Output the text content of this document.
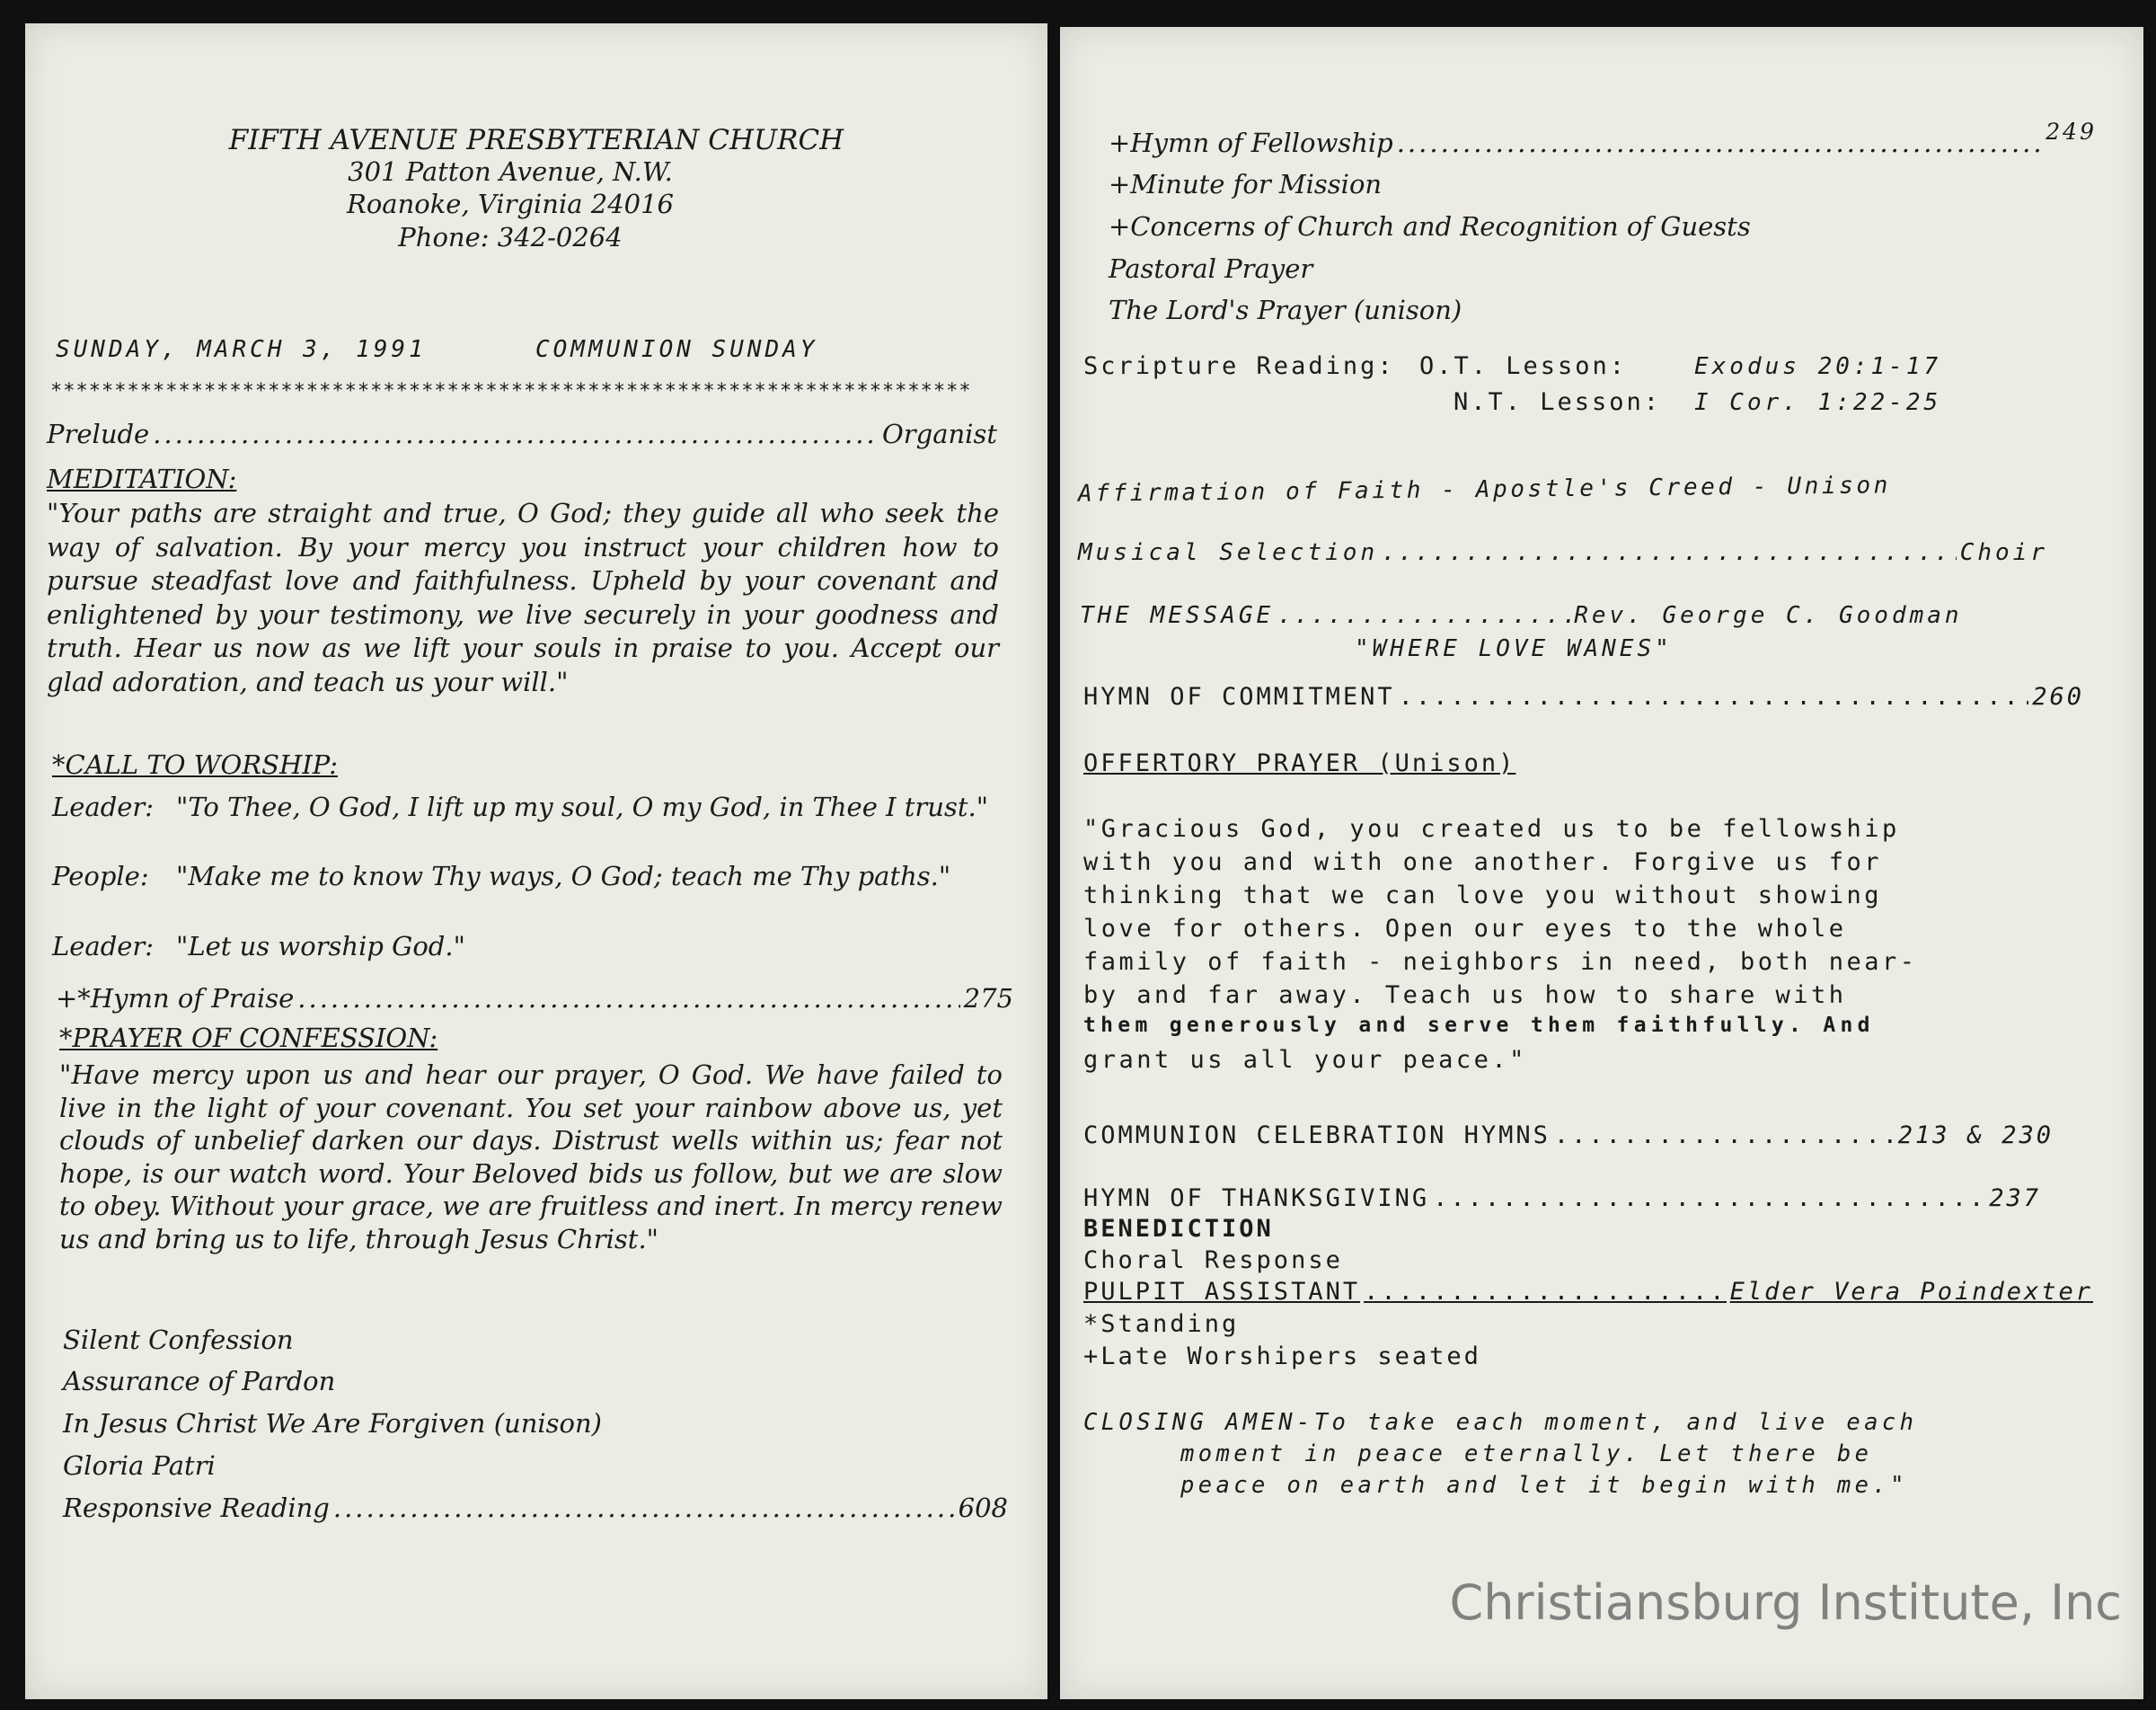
FIFTH AVENUE PRESBYTERIAN CHURCH
301 Patton Avenue, N.W.
Roanoke, Virginia 24016
Phone: 342-0264
SUNDAY, MARCH 3, 1991	COMMUNION SUNDAY
************************************************************************
Prelude .....	Organist
MEDITATION:
"Your paths are straight and true, O God; they guide all who seek the way of salvation. By your mercy you instruct your children how to pursue steadfast love and faithfulness. Upheld by your covenant and enlightened by your testimony, we live securely in your goodness and truth. Hear us now as we lift your souls in praise to you. Accept our glad adoration, and teach us your will."
*CALL TO WORSHIP:
Leader: "To Thee, O God, I lift up my soul, O my God, in Thee I trust."
People: "Make me to know Thy ways, O God; teach me Thy paths."
Leader: "Let us worship God."
+*Hymn of Praise .....	275
*PRAYER OF CONFESSION:
"Have mercy upon us and hear our prayer, O God. We have failed to live in the light of your covenant. You set your rainbow above us, yet clouds of unbelief darken our days. Distrust wells within us; fear not hope, is our watch word. Your Beloved bids us follow, but we are slow to obey. Without your grace, we are fruitless and inert. In mercy renew us and bring us to life, through Jesus Christ."
Silent Confession
Assurance of Pardon
In Jesus Christ We Are Forgiven (unison)
Gloria Patri
Responsive Reading .....	608
+Hymn of Fellowship .....	249
+Minute for Mission
+Concerns of Church and Recognition of Guests
Pastoral Prayer
The Lord's Prayer (unison)
Scripture Reading: O.T. Lesson:	Exodus 20:1-17
N.T. Lesson: I Cor. 1:22-25
Affirmation of Faith - Apostle's Creed - Unison
Musical Selection .....	Choir
THE MESSAGE .....	Rev. George C. Goodman
"WHERE LOVE WANES"
HYMN OF COMMITMENT .....	260
OFFERTORY PRAYER (Unison)
"Gracious God, you created us to be fellowship
with you and with one another. Forgive us for
thinking that we can love you without showing
love for others. Open our eyes to the whole
family of faith - neighbors in need, both near-
by and far away. Teach us how to share with
them generously and serve them faithfully. And
grant us all your peace."
COMMUNION CELEBRATION HYMNS .....	213 & 230
HYMN OF THANKSGIVING .....	237
BENEDICTION
Choral Response
PULPIT ASSISTANT .....	Elder Vera Poindexter
*Standing
+Late Worshipers seated
CLOSING AMEN-To take each moment, and live each
moment in peace eternally. Let there be
peace on earth and let it begin with me."
Christiansburg Institute, Inc
